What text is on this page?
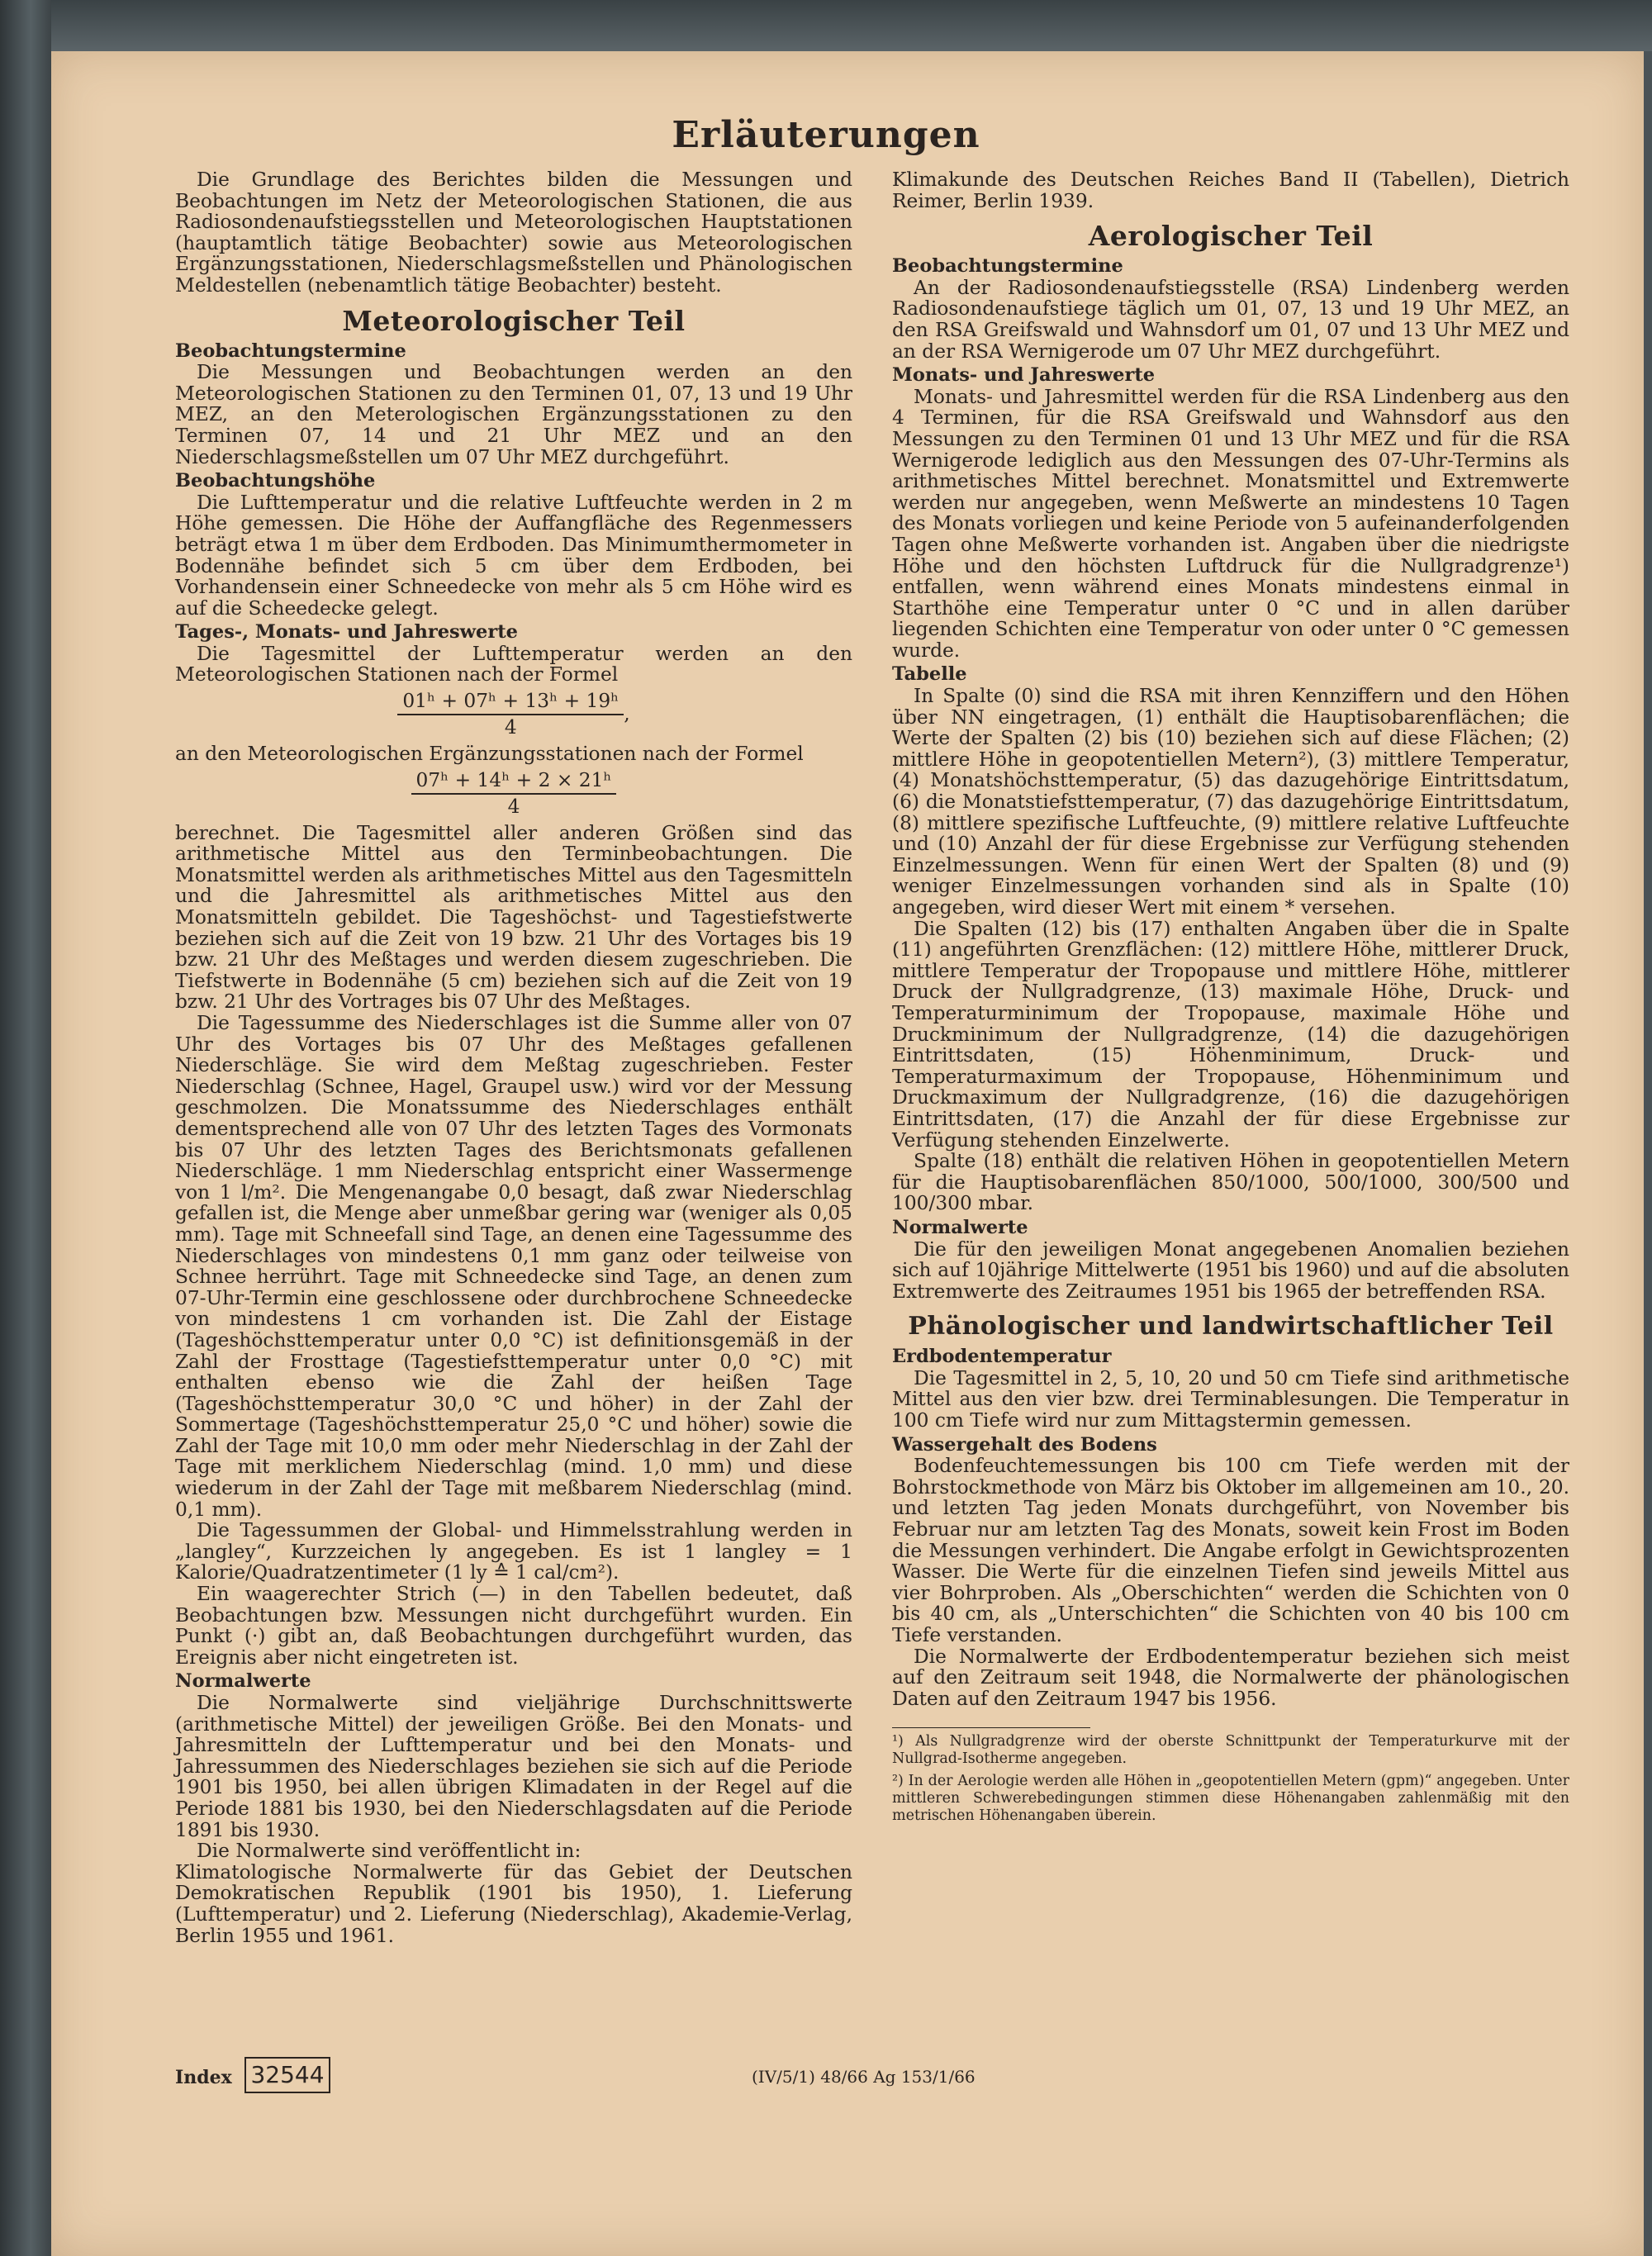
Erläuterungen

Die Grundlage des Berichtes bilden die Messungen und Beobachtungen im Netz der Meteorologischen Stationen, die aus Radiosondenaufstiegsstellen und Meteorologischen Hauptstationen (hauptamtlich tätige Beobachter) sowie aus Meteorologischen Ergänzungsstationen, Niederschlagsmeßstellen und Phänologischen Meldestellen (nebenamtlich tätige Beobachter) besteht.

Meteorologischer Teil
Beobachtungstermine

Die Messungen und Beobachtungen werden an den Meteorologischen Stationen zu den Terminen 01, 07, 13 und 19 Uhr MEZ, an den Meterologischen Ergänzungsstationen zu den Terminen 07, 14 und 21 Uhr MEZ und an den Niederschlagsmeßstellen um 07 Uhr MEZ durchgeführt.

Beobachtungshöhe

Die Lufttemperatur und die relative Luftfeuchte werden in 2 m Höhe gemessen. Die Höhe der Auffangfläche des Regenmessers beträgt etwa 1 m über dem Erdboden. Das Minimumthermometer in Bodennähe befindet sich 5 cm über dem Erdboden, bei Vorhandensein einer Schneedecke von mehr als 5 cm Höhe wird es auf die Scheedecke gelegt.

Tages-, Monats- und Jahreswerte

Die Tagesmittel der Lufttemperatur werden an den Meteorologischen Stationen nach der Formel

$\frac{\text{01ʰ + 07ʰ + 13ʰ + 19ʰ}}{4}$ ,

an den Meteorologischen Ergänzungsstationen nach der Formel

$\frac{\text{07ʰ + 14ʰ + 2 × 21ʰ}}{4}$

berechnet. Die Tagesmittel aller anderen Größen sind das arithmetische Mittel aus den Terminbeobachtungen. Die Monatsmittel werden als arithmetisches Mittel aus den Tagesmitteln und die Jahresmittel als arithmetisches Mittel aus den Monatsmitteln gebildet. Die Tageshöchst- und Tagestiefstwerte beziehen sich auf die Zeit von 19 bzw. 21 Uhr des Vortages bis 19 bzw. 21 Uhr des Meßtages und werden diesem zugeschrieben. Die Tiefstwerte in Bodennähe (5 cm) beziehen sich auf die Zeit von 19 bzw. 21 Uhr des Vortrages bis 07 Uhr des Meßtages.

Die Tagessumme des Niederschlages ist die Summe aller von 07 Uhr des Vortages bis 07 Uhr des Meßtages gefallenen Niederschläge. Sie wird dem Meßtag zugeschrieben. Fester Niederschlag (Schnee, Hagel, Graupel usw.) wird vor der Messung geschmolzen. Die Monatssumme des Niederschlages enthält dementsprechend alle von 07 Uhr des letzten Tages des Vormonats bis 07 Uhr des letzten Tages des Berichtsmonats gefallenen Niederschläge. 1 mm Niederschlag entspricht einer Wassermenge von 1 l/m². Die Mengenangabe 0,0 besagt, daß zwar Niederschlag gefallen ist, die Menge aber unmeßbar gering war (weniger als 0,05 mm). Tage mit Schneefall sind Tage, an denen eine Tagessumme des Niederschlages von mindestens 0,1 mm ganz oder teilweise von Schnee herrührt. Tage mit Schneedecke sind Tage, an denen zum 07-Uhr-Termin eine geschlossene oder durchbrochene Schneedecke von mindestens 1 cm vorhanden ist. Die Zahl der Eistage (Tageshöchsttemperatur unter 0,0 °C) ist definitionsgemäß in der Zahl der Frosttage (Tagestiefsttemperatur unter 0,0 °C) mit enthalten ebenso wie die Zahl der heißen Tage (Tageshöchsttemperatur 30,0 °C und höher) in der Zahl der Sommertage (Tageshöchsttemperatur 25,0 °C und höher) sowie die Zahl der Tage mit 10,0 mm oder mehr Niederschlag in der Zahl der Tage mit merklichem Niederschlag (mind. 1,0 mm) und diese wiederum in der Zahl der Tage mit meßbarem Niederschlag (mind. 0,1 mm).

Die Tagessummen der Global- und Himmelsstrahlung werden in „langley“, Kurzzeichen ly angegeben. Es ist 1 langley = 1 Kalorie/Quadratzentimeter (1 ly ≙ 1 cal/cm²).

Ein waagerechter Strich (—) in den Tabellen bedeutet, daß Beobachtungen bzw. Messungen nicht durchgeführt wurden. Ein Punkt (·) gibt an, daß Beobachtungen durchgeführt wurden, das Ereignis aber nicht eingetreten ist.

Normalwerte

Die Normalwerte sind vieljährige Durchschnittswerte (arithmetische Mittel) der jeweiligen Größe. Bei den Monats- und Jahresmitteln der Lufttemperatur und bei den Monats- und Jahressummen des Niederschlages beziehen sie sich auf die Periode 1901 bis 1950, bei allen übrigen Klimadaten in der Regel auf die Periode 1881 bis 1930, bei den Niederschlagsdaten auf die Periode 1891 bis 1930.

Die Normalwerte sind veröffentlicht in:

Klimatologische Normalwerte für das Gebiet der Deutschen Demokratischen Republik (1901 bis 1950), 1. Lieferung (Lufttemperatur) und 2. Lieferung (Niederschlag), Akademie-Verlag, Berlin 1955 und 1961.

Klimakunde des Deutschen Reiches Band II (Tabellen), Dietrich Reimer, Berlin 1939.

Aerologischer Teil
Beobachtungstermine

An der Radiosondenaufstiegsstelle (RSA) Lindenberg werden Radiosondenaufstiege täglich um 01, 07, 13 und 19 Uhr MEZ, an den RSA Greifswald und Wahnsdorf um 01, 07 und 13 Uhr MEZ und an der RSA Wernigerode um 07 Uhr MEZ durchgeführt.

Monats- und Jahreswerte

Monats- und Jahresmittel werden für die RSA Lindenberg aus den 4 Terminen, für die RSA Greifswald und Wahnsdorf aus den Messungen zu den Terminen 01 und 13 Uhr MEZ und für die RSA Wernigerode lediglich aus den Messungen des 07-Uhr-Termins als arithmetisches Mittel berechnet. Monatsmittel und Extremwerte werden nur angegeben, wenn Meßwerte an mindestens 10 Tagen des Monats vorliegen und keine Periode von 5 aufeinanderfolgenden Tagen ohne Meßwerte vorhanden ist. Angaben über die niedrigste Höhe und den höchsten Luftdruck für die Nullgradgrenze¹) entfallen, wenn während eines Monats mindestens einmal in Starthöhe eine Temperatur unter 0 °C und in allen darüber liegenden Schichten eine Temperatur von oder unter 0 °C gemessen wurde.

Tabelle

In Spalte (0) sind die RSA mit ihren Kennziffern und den Höhen über NN eingetragen, (1) enthält die Hauptisobarenflächen; die Werte der Spalten (2) bis (10) beziehen sich auf diese Flächen; (2) mittlere Höhe in geopotentiellen Metern²), (3) mittlere Temperatur, (4) Monatshöchsttemperatur, (5) das dazugehörige Eintrittsdatum, (6) die Monatstiefsttemperatur, (7) das dazugehörige Eintrittsdatum, (8) mittlere spezifische Luftfeuchte, (9) mittlere relative Luftfeuchte und (10) Anzahl der für diese Ergebnisse zur Verfügung stehenden Einzelmessungen. Wenn für einen Wert der Spalten (8) und (9) weniger Einzelmessungen vorhanden sind als in Spalte (10) angegeben, wird dieser Wert mit einem * versehen.

Die Spalten (12) bis (17) enthalten Angaben über die in Spalte (11) angeführten Grenzflächen: (12) mittlere Höhe, mittlerer Druck, mittlere Temperatur der Tropopause und mittlere Höhe, mittlerer Druck der Nullgradgrenze, (13) maximale Höhe, Druck- und Temperaturminimum der Tropopause, maximale Höhe und Druckminimum der Nullgradgrenze, (14) die dazugehörigen Eintrittsdaten, (15) Höhenminimum, Druck- und Temperaturmaximum der Tropopause, Höhenminimum und Druckmaximum der Nullgradgrenze, (16) die dazugehörigen Eintrittsdaten, (17) die Anzahl der für diese Ergebnisse zur Verfügung stehenden Einzelwerte.

Spalte (18) enthält die relativen Höhen in geopotentiellen Metern für die Hauptisobarenflächen 850/1000, 500/1000, 300/500 und 100/300 mbar.

Normalwerte

Die für den jeweiligen Monat angegebenen Anomalien beziehen sich auf 10jährige Mittelwerte (1951 bis 1960) und auf die absoluten Extremwerte des Zeitraumes 1951 bis 1965 der betreffenden RSA.

Phänologischer und landwirtschaftlicher Teil
Erdbodentemperatur

Die Tagesmittel in 2, 5, 10, 20 und 50 cm Tiefe sind arithmetische Mittel aus den vier bzw. drei Terminablesungen. Die Temperatur in 100 cm Tiefe wird nur zum Mittagstermin gemessen.

Wassergehalt des Bodens

Bodenfeuchtemessungen bis 100 cm Tiefe werden mit der Bohrstockmethode von März bis Oktober im allgemeinen am 10., 20. und letzten Tag jeden Monats durchgeführt, von November bis Februar nur am letzten Tag des Monats, soweit kein Frost im Boden die Messungen verhindert. Die Angabe erfolgt in Gewichtsprozenten Wasser. Die Werte für die einzelnen Tiefen sind jeweils Mittel aus vier Bohrproben. Als „Oberschichten“ werden die Schichten von 0 bis 40 cm, als „Unterschichten“ die Schichten von 40 bis 100 cm Tiefe verstanden.

Die Normalwerte der Erdbodentemperatur beziehen sich meist auf den Zeitraum seit 1948, die Normalwerte der phänologischen Daten auf den Zeitraum 1947 bis 1956.

¹) Als Nullgradgrenze wird der oberste Schnittpunkt der Temperaturkurve mit der Nullgrad-Isotherme angegeben.

²) In der Aerologie werden alle Höhen in „geopotentiellen Metern (gpm)“ angegeben. Unter mittleren Schwerebedingungen stimmen diese Höhenangaben zahlenmäßig mit den metrischen Höhenangaben überein.

Index 32544	(IV/5/1) 48/66 Ag 153/1/66
